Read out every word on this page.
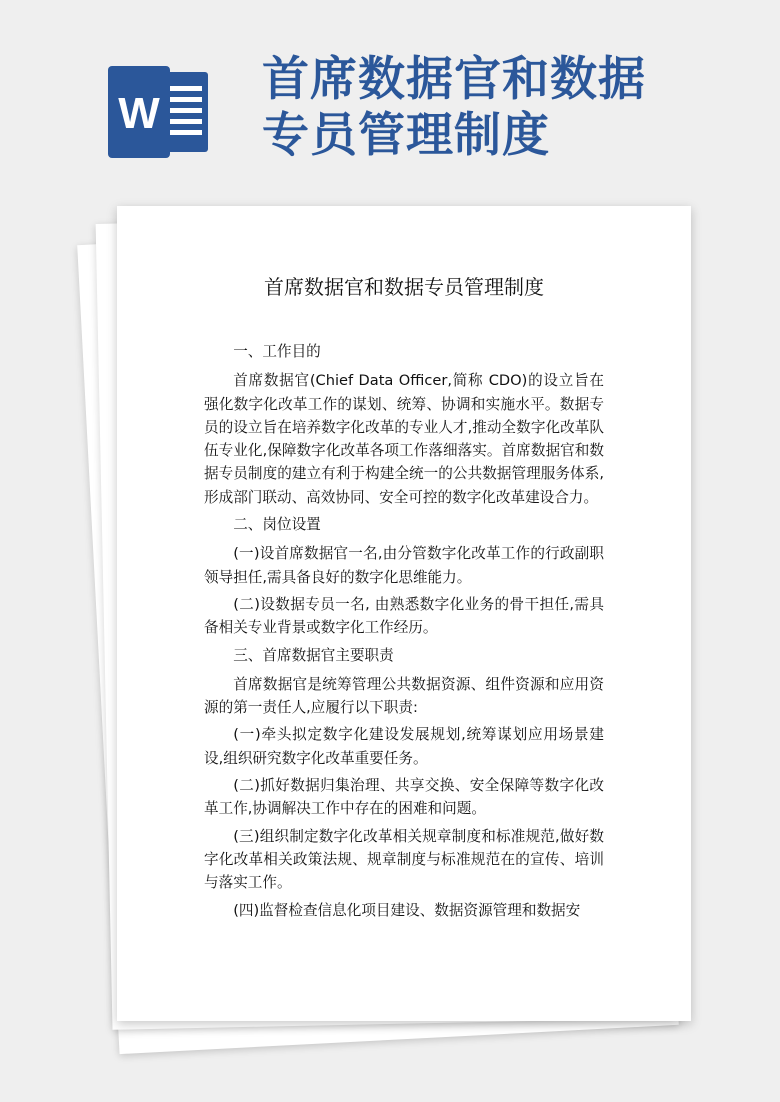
W
首席数据官和数据
专员管理制度
首席数据官和数据专员管理制度

一、工作目的

首席数据官(Chief Data Officer,简称 CDO)的设立旨在强化数字化改革工作的谋划、统筹、协调和实施水平。数据专员的设立旨在培养数字化改革的专业人才,推动全数字化改革队伍专业化,保障数字化改革各项工作落细落实。首席数据官和数据专员制度的建立有利于构建全统一的公共数据管理服务体系,形成部门联动、高效协同、安全可控的数字化改革建设合力。

二、岗位设置

(一)设首席数据官一名,由分管数字化改革工作的行政副职领导担任,需具备良好的数字化思维能力。

(二)设数据专员一名, 由熟悉数字化业务的骨干担任,需具备相关专业背景或数字化工作经历。

三、首席数据官主要职责

首席数据官是统筹管理公共数据资源、组件资源和应用资源的第一责任人,应履行以下职责:

(一)牵头拟定数字化建设发展规划,统筹谋划应用场景建设,组织研究数字化改革重要任务。

(二)抓好数据归集治理、共享交换、安全保障等数字化改革工作,协调解决工作中存在的困难和问题。

(三)组织制定数字化改革相关规章制度和标准规范,做好数字化改革相关政策法规、规章制度与标准规范在的宣传、培训与落实工作。

(四)监督检查信息化项目建设、数据资源管理和数据安
